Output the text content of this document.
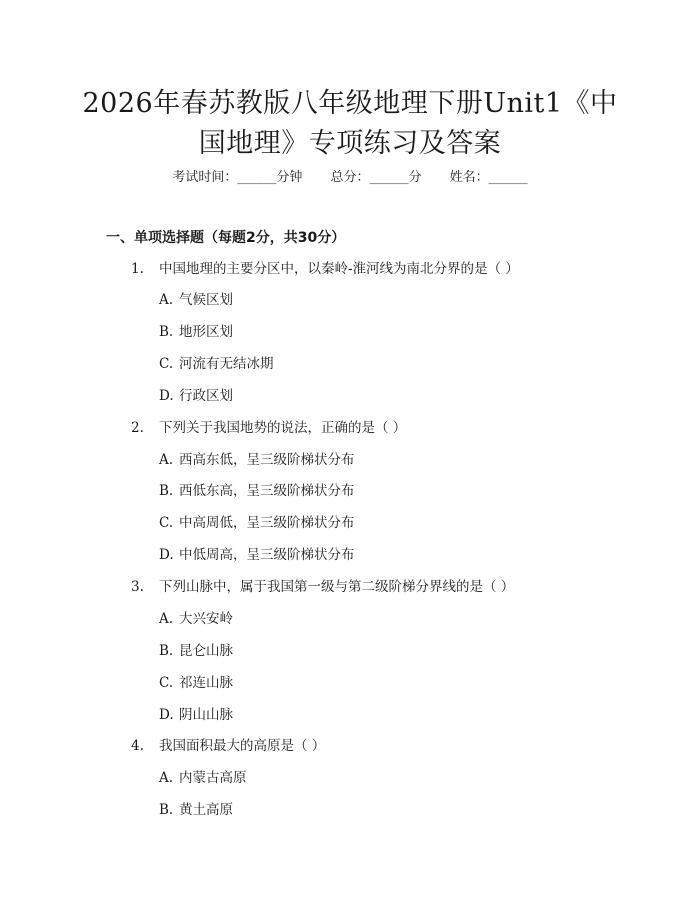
2026年春苏教版八年级地理下册Unit1《中
国地理》专项练习及答案
考试时间：______分钟 总分：______分 姓名：______
一、单项选择题（每题2分，共30分）
1. 中国地理的主要分区中，以秦岭-淮河线为南北分界的是（ ）
A. 气候区划
B. 地形区划
C. 河流有无结冰期
D. 行政区划
2. 下列关于我国地势的说法，正确的是（ ）
A. 西高东低，呈三级阶梯状分布
B. 西低东高，呈三级阶梯状分布
C. 中高周低，呈三级阶梯状分布
D. 中低周高，呈三级阶梯状分布
3. 下列山脉中，属于我国第一级与第二级阶梯分界线的是（ ）
A. 大兴安岭
B. 昆仑山脉
C. 祁连山脉
D. 阴山山脉
4. 我国面积最大的高原是（ ）
A. 内蒙古高原
B. 黄土高原
